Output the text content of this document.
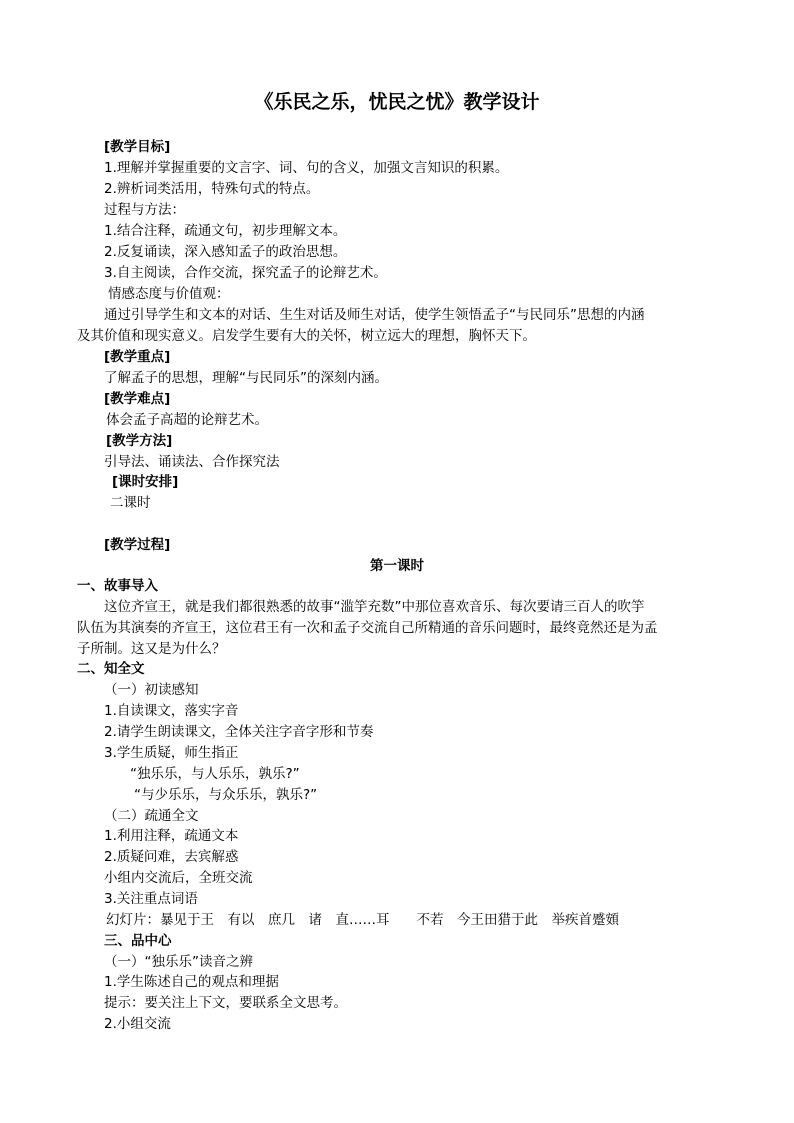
《乐民之乐，忧民之忧》教学设计
[教学目标]
1.理解并掌握重要的文言字、词、句的含义，加强文言知识的积累。
2.辨析词类活用，特殊句式的特点。
过程与方法：
1.结合注释，疏通文句，初步理解文本。
2.反复诵读，深入感知孟子的政治思想。
3.自主阅读，合作交流，探究孟子的论辩艺术。
情感态度与价值观：
通过引导学生和文本的对话、生生对话及师生对话，使学生领悟孟子“与民同乐”思想的内涵
及其价值和现实意义。启发学生要有大的关怀，树立远大的理想，胸怀天下。
[教学重点]
了解孟子的思想，理解“与民同乐”的深刻内涵。
[教学难点]
体会孟子高超的论辩艺术。
[教学方法]
引导法、诵读法、合作探究法
[课时安排]
二课时
[教学过程]
第一课时
一、故事导入
这位齐宣王，就是我们都很熟悉的故事“滥竽充数”中那位喜欢音乐、每次要请三百人的吹竽
队伍为其演奏的齐宣王，这位君王有一次和孟子交流自己所精通的音乐问题时，最终竟然还是为孟
子所制。这又是为什么？
二、知全文
（一）初读感知
1.自读课文，落实字音
2.请学生朗读课文，全体关注字音字形和节奏
3.学生质疑，师生指正
“独乐乐，与人乐乐，孰乐?”
“与少乐乐，与众乐乐，孰乐?”
（二）疏通全文
1.利用注释，疏通文本
2.质疑问难，去宾解惑
小组内交流后，全班交流
3.关注重点词语
幻灯片：暴见于王　有以　庶几　诸　直……耳　　不若　今王田猎于此　举疾首蹙頞
三、品中心
（一）“独乐乐”读音之辨
1.学生陈述自己的观点和理据
提示：要关注上下文，要联系全文思考。
2.小组交流
